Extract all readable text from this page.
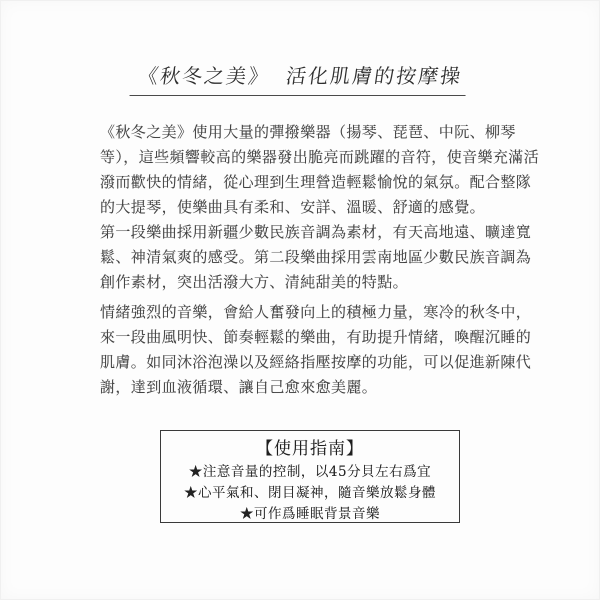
《秋冬之美》 活化肌膚的按摩操
《秋冬之美》使用大量的彈撥樂器（揚琴、琵琶、中阮、柳琴
等），這些頻響較高的樂器發出脆亮而跳躍的音符，使音樂充滿活
潑而歡快的情緒，從心理到生理營造輕鬆愉悅的氣氛。配合整隊
的大提琴，使樂曲具有柔和、安詳、溫暖、舒適的感覺。
第一段樂曲採用新疆少數民族音調為素材，有天高地遠、曠達寬
鬆、神清氣爽的感受。第二段樂曲採用雲南地區少數民族音調為
創作素材，突出活潑大方、清純甜美的特點。
情緒強烈的音樂，會給人奮發向上的積極力量，寒冷的秋冬中，
來一段曲風明快、節奏輕鬆的樂曲，有助提升情緒，喚醒沉睡的
肌膚。如同沐浴泡澡以及經絡指壓按摩的功能，可以促進新陳代
謝，達到血液循環、讓自己愈來愈美麗。
【使用指南】
★注意音量的控制，以45分貝左右爲宜
★心平氣和、閉目凝神，隨音樂放鬆身體
★可作爲睡眠背景音樂
